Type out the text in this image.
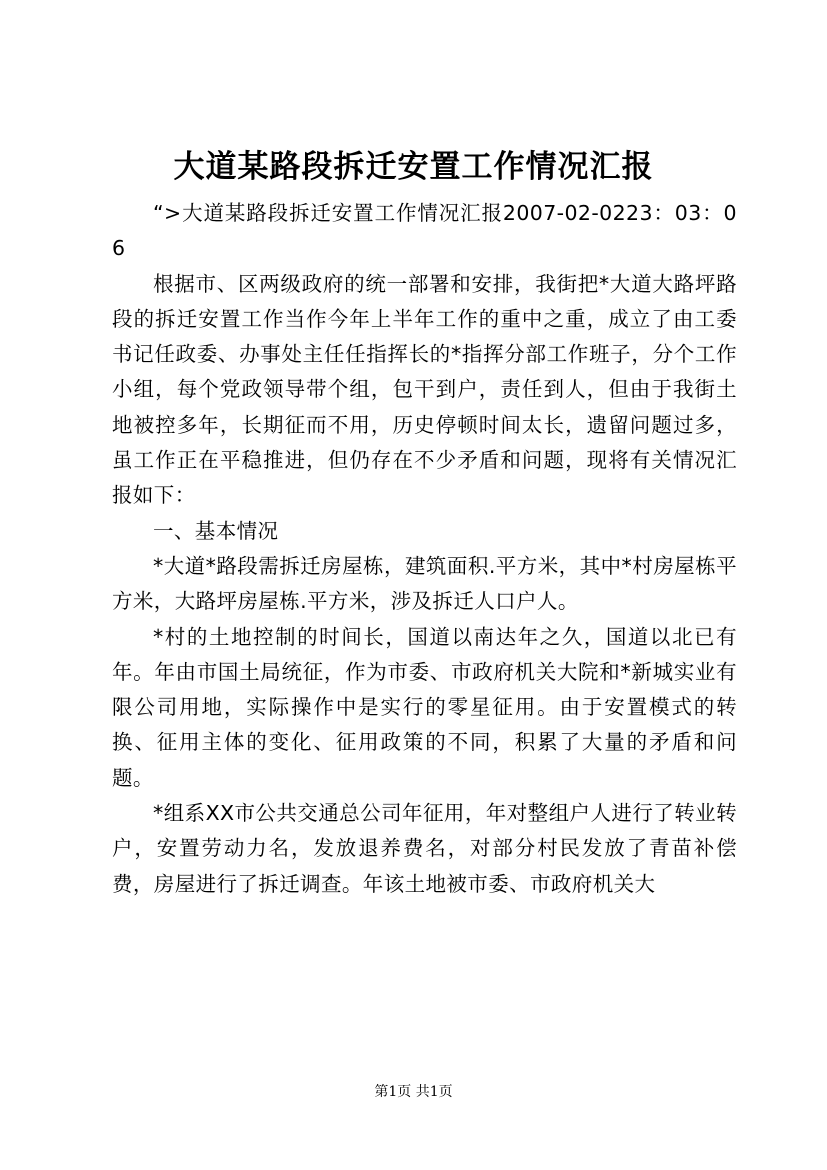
大道某路段拆迁安置工作情况汇报

“>大道某路段拆迁安置工作情况汇报2007-02-0223：03：06

根据市、区两级政府的统一部署和安排，我街把*大道大路坪路段的拆迁安置工作当作今年上半年工作的重中之重，成立了由工委书记任政委、办事处主任任指挥长的*指挥分部工作班子，分个工作小组，每个党政领导带个组，包干到户，责任到人，但由于我街土地被控多年，长期征而不用，历史停顿时间太长，遗留问题过多，虽工作正在平稳推进，但仍存在不少矛盾和问题，现将有关情况汇报如下：

一、基本情况

*大道*路段需拆迁房屋栋，建筑面积.平方米，其中*村房屋栋平方米，大路坪房屋栋.平方米，涉及拆迁人口户人。

*村的土地控制的时间长，国道以南达年之久，国道以北已有年。年由市国土局统征，作为市委、市政府机关大院和*新城实业有限公司用地，实际操作中是实行的零星征用。由于安置模式的转换、征用主体的变化、征用政策的不同，积累了大量的矛盾和问题。

*组系XX市公共交通总公司年征用，年对整组户人进行了转业转户，安置劳动力名，发放退养费名，对部分村民发放了青苗补偿费，房屋进行了拆迁调查。年该土地被市委、市政府机关大

第1页 共1页
